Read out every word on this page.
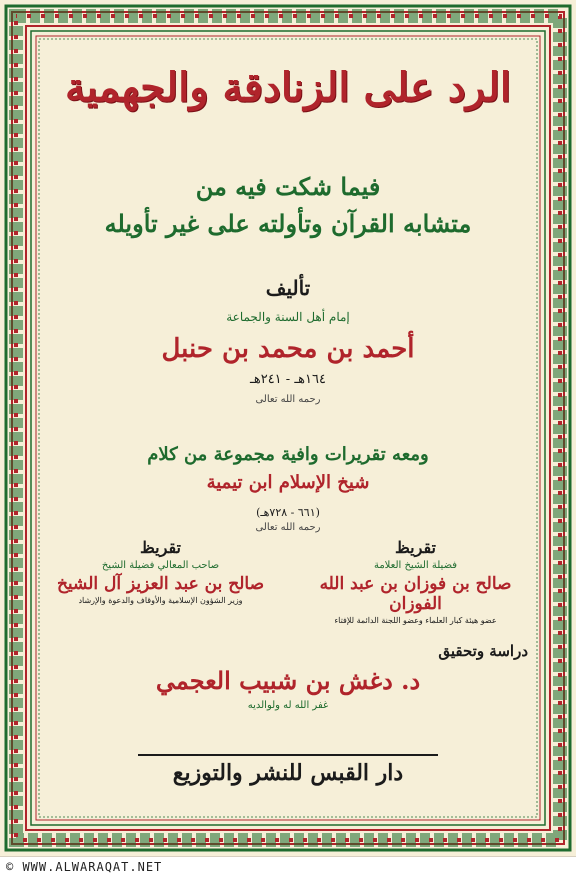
الرد على الزنادقة والجهمية
فيما شكت فيه من
متشابه القرآن وتأولته على غير تأويله
تأليف
إمام أهل السنة والجماعة
أحمد بن محمد بن حنبل
١٦٤هـ - ٢٤١هـ
رحمه الله تعالى
ومعه تقريرات وافية مجموعة من كلام
شيخ الإسلام ابن تيمية
(٦٦١ - ٧٢٨هـ)
رحمه الله تعالى
تقريظ
فضيلة الشيخ العلامة
صالح بن فوزان بن عبد الله الفوزان
عضو هيئة كبار العلماء وعضو اللجنة الدائمة للإفتاء
تقريظ
صاحب المعالي فضيلة الشيخ
صالح بن عبد العزيز آل الشيخ
وزير الشؤون الإسلامية والأوقاف والدعوة والإرشاد
دراسة وتحقيق
د. دغش بن شبيب العجمي
غفر الله له ولوالديه
دار القبس للنشر والتوزيع
© WWW.ALWARAQAT.NET
